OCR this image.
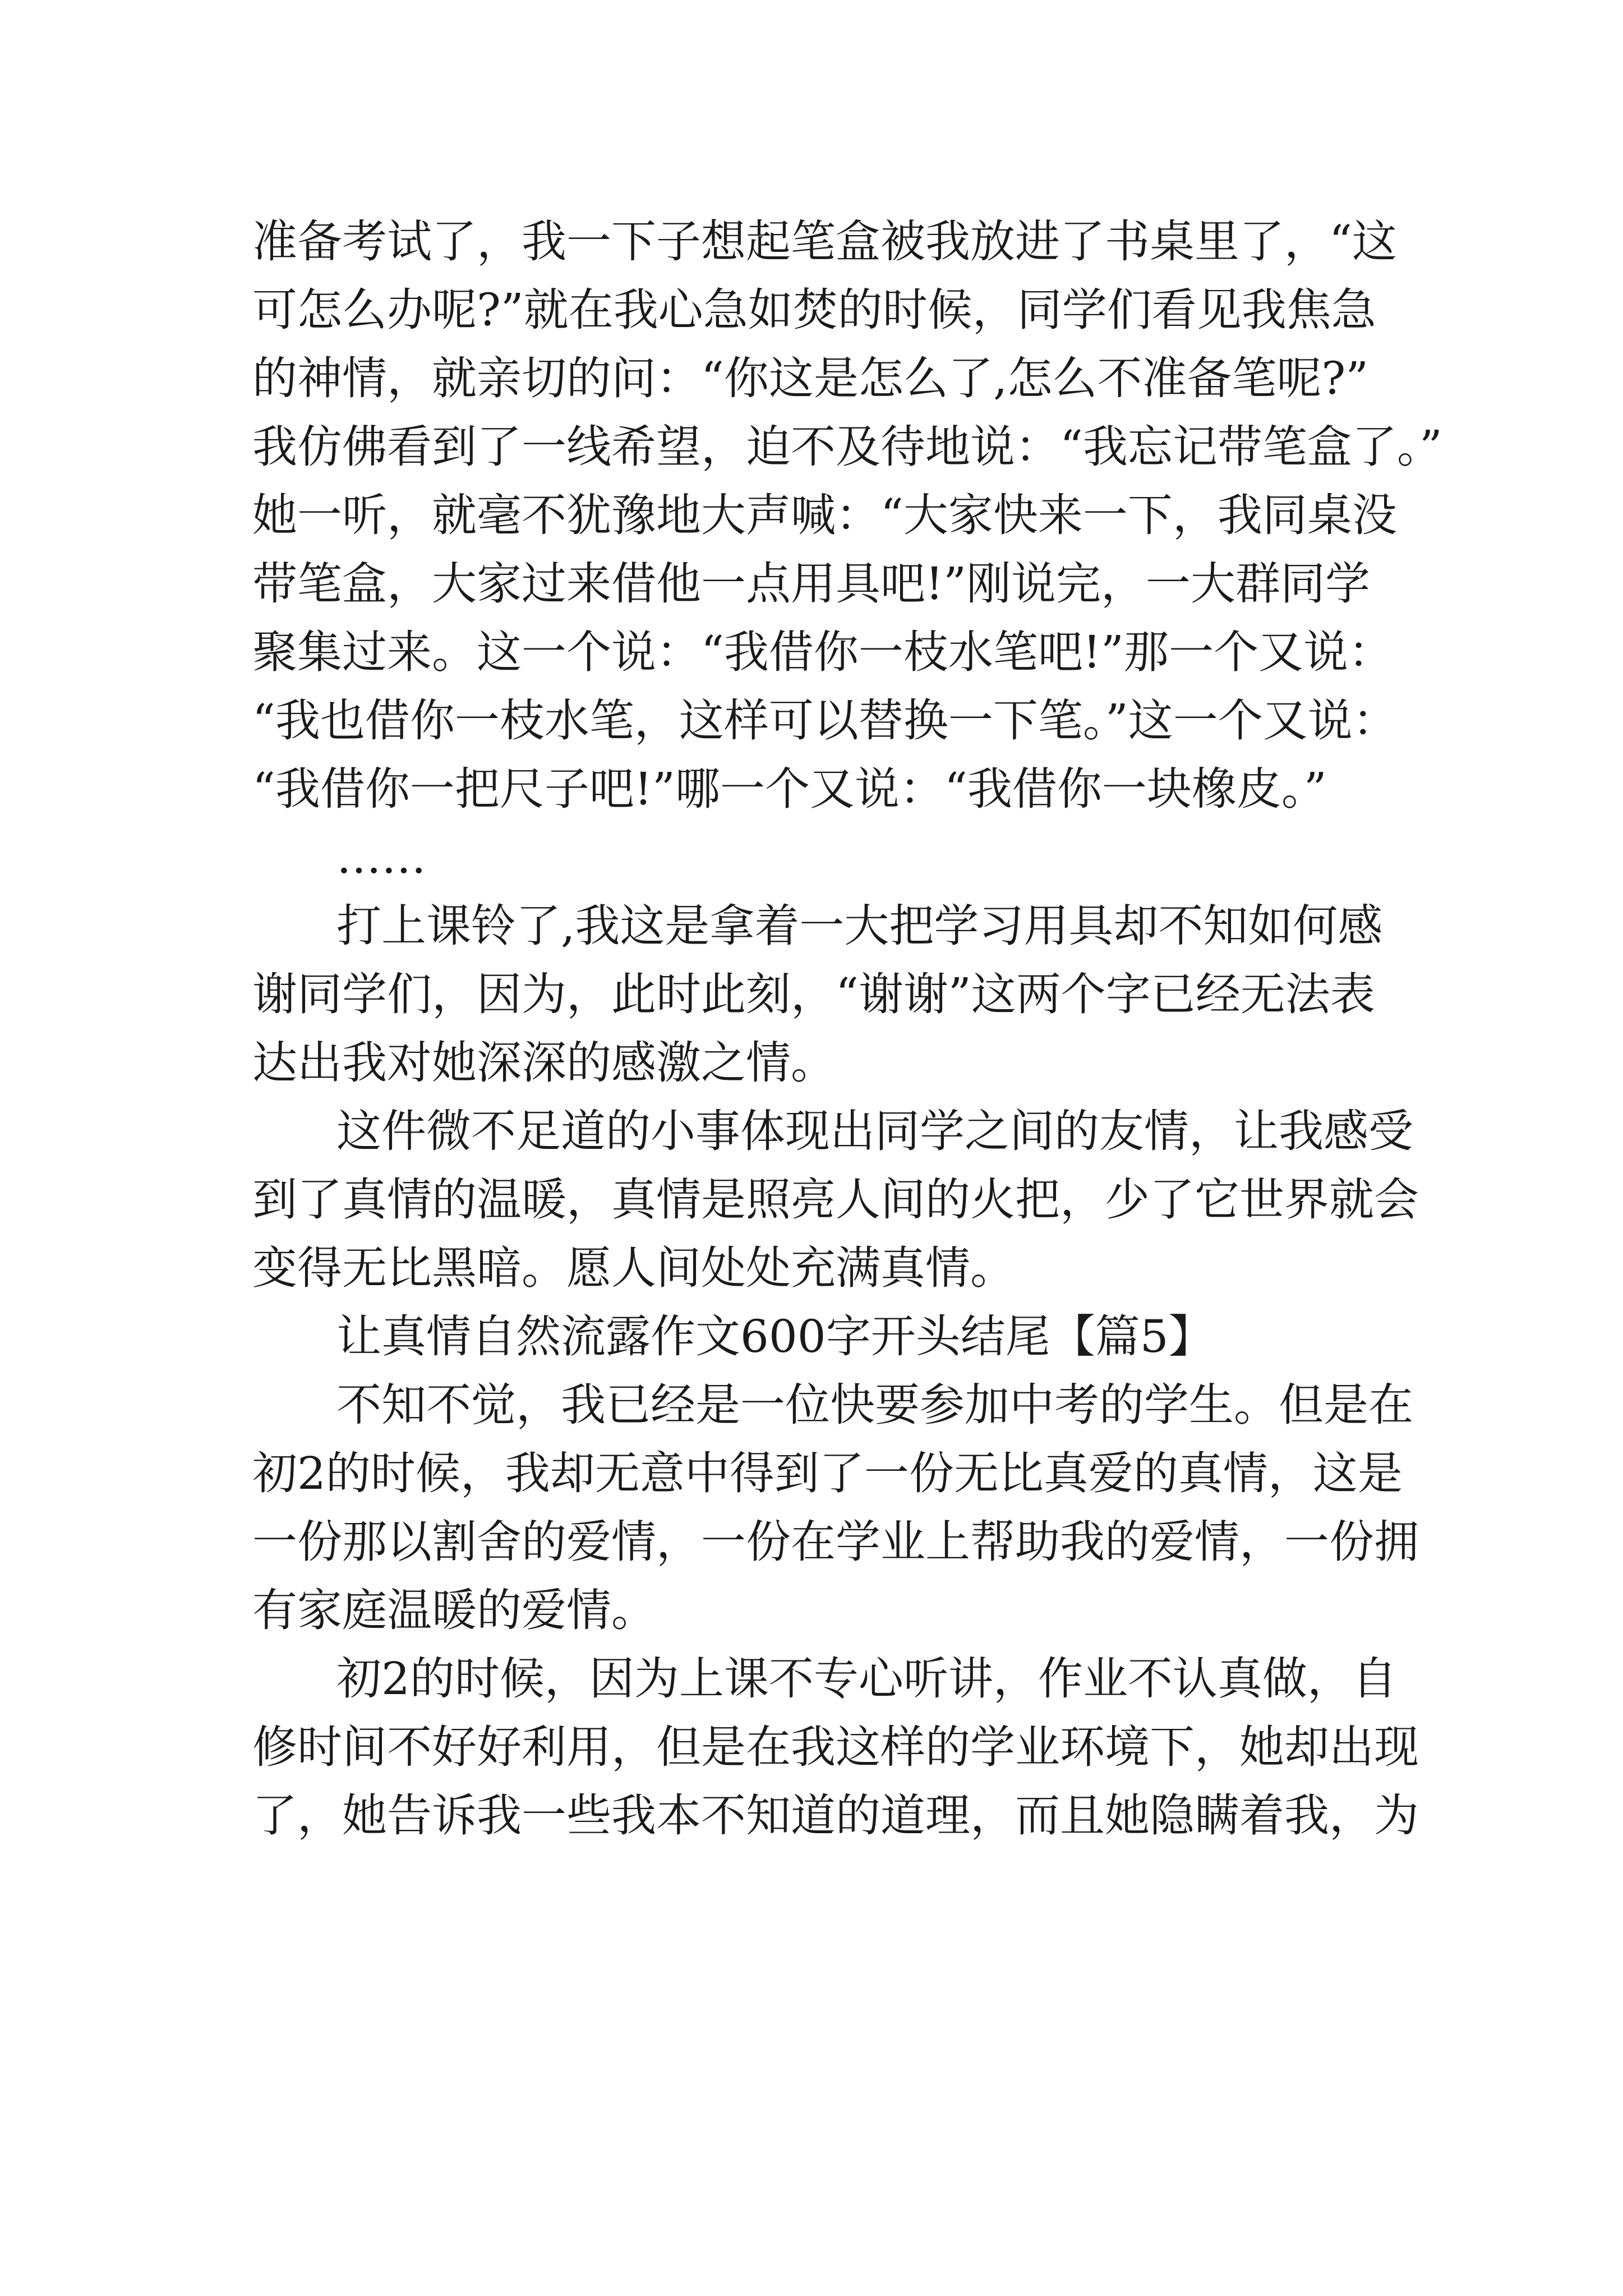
准备考试了，我一下子想起笔盒被我放进了书桌里了，“这
可怎么办呢?”就在我心急如焚的时候，同学们看见我焦急
的神情，就亲切的问：“你这是怎么了,怎么不准备笔呢?”
我仿佛看到了一线希望，迫不及待地说：“我忘记带笔盒了。”
她一听，就毫不犹豫地大声喊：“大家快来一下，我同桌没
带笔盒，大家过来借他一点用具吧!”刚说完，一大群同学
聚集过来。这一个说：“我借你一枝水笔吧!”那一个又说：
“我也借你一枝水笔，这样可以替换一下笔。”这一个又说：
“我借你一把尺子吧!”哪一个又说：“我借你一块橡皮。”
……
打上课铃了,我这是拿着一大把学习用具却不知如何感
谢同学们，因为，此时此刻，“谢谢”这两个字已经无法表
达出我对她深深的感激之情。
这件微不足道的小事体现出同学之间的友情，让我感受
到了真情的温暖，真情是照亮人间的火把，少了它世界就会
变得无比黑暗。愿人间处处充满真情。
让真情自然流露作文600字开头结尾【篇5】
不知不觉，我已经是一位快要参加中考的学生。但是在
初2的时候，我却无意中得到了一份无比真爱的真情，这是
一份那以割舍的爱情，一份在学业上帮助我的爱情，一份拥
有家庭温暖的爱情。
初2的时候，因为上课不专心听讲，作业不认真做，自
修时间不好好利用，但是在我这样的学业环境下，她却出现
了，她告诉我一些我本不知道的道理，而且她隐瞒着我，为
